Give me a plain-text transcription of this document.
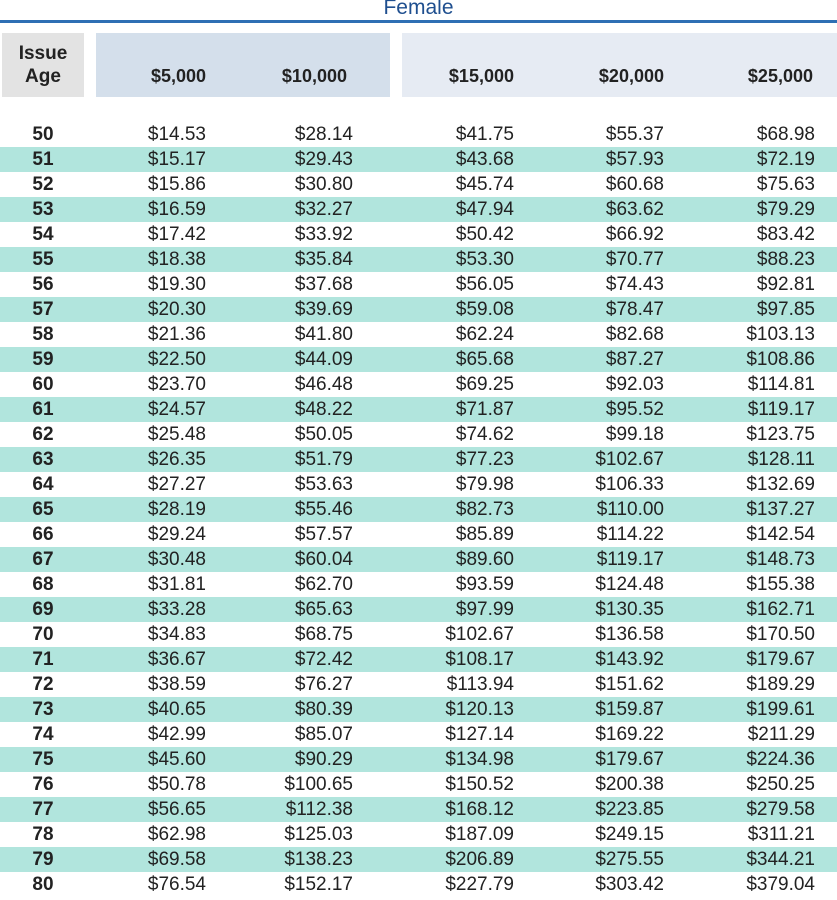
Female
Issue
Age	$5,000	$10,000	$15,000	$20,000	$25,000
50	$14.53	$28.14	$41.75	$55.37	$68.98
51	$15.17	$29.43	$43.68	$57.93	$72.19
52	$15.86	$30.80	$45.74	$60.68	$75.63
53	$16.59	$32.27	$47.94	$63.62	$79.29
54	$17.42	$33.92	$50.42	$66.92	$83.42
55	$18.38	$35.84	$53.30	$70.77	$88.23
56	$19.30	$37.68	$56.05	$74.43	$92.81
57	$20.30	$39.69	$59.08	$78.47	$97.85
58	$21.36	$41.80	$62.24	$82.68	$103.13
59	$22.50	$44.09	$65.68	$87.27	$108.86
60	$23.70	$46.48	$69.25	$92.03	$114.81
61	$24.57	$48.22	$71.87	$95.52	$119.17
62	$25.48	$50.05	$74.62	$99.18	$123.75
63	$26.35	$51.79	$77.23	$102.67	$128.11
64	$27.27	$53.63	$79.98	$106.33	$132.69
65	$28.19	$55.46	$82.73	$110.00	$137.27
66	$29.24	$57.57	$85.89	$114.22	$142.54
67	$30.48	$60.04	$89.60	$119.17	$148.73
68	$31.81	$62.70	$93.59	$124.48	$155.38
69	$33.28	$65.63	$97.99	$130.35	$162.71
70	$34.83	$68.75	$102.67	$136.58	$170.50
71	$36.67	$72.42	$108.17	$143.92	$179.67
72	$38.59	$76.27	$113.94	$151.62	$189.29
73	$40.65	$80.39	$120.13	$159.87	$199.61
74	$42.99	$85.07	$127.14	$169.22	$211.29
75	$45.60	$90.29	$134.98	$179.67	$224.36
76	$50.78	$100.65	$150.52	$200.38	$250.25
77	$56.65	$112.38	$168.12	$223.85	$279.58
78	$62.98	$125.03	$187.09	$249.15	$311.21
79	$69.58	$138.23	$206.89	$275.55	$344.21
80	$76.54	$152.17	$227.79	$303.42	$379.04
